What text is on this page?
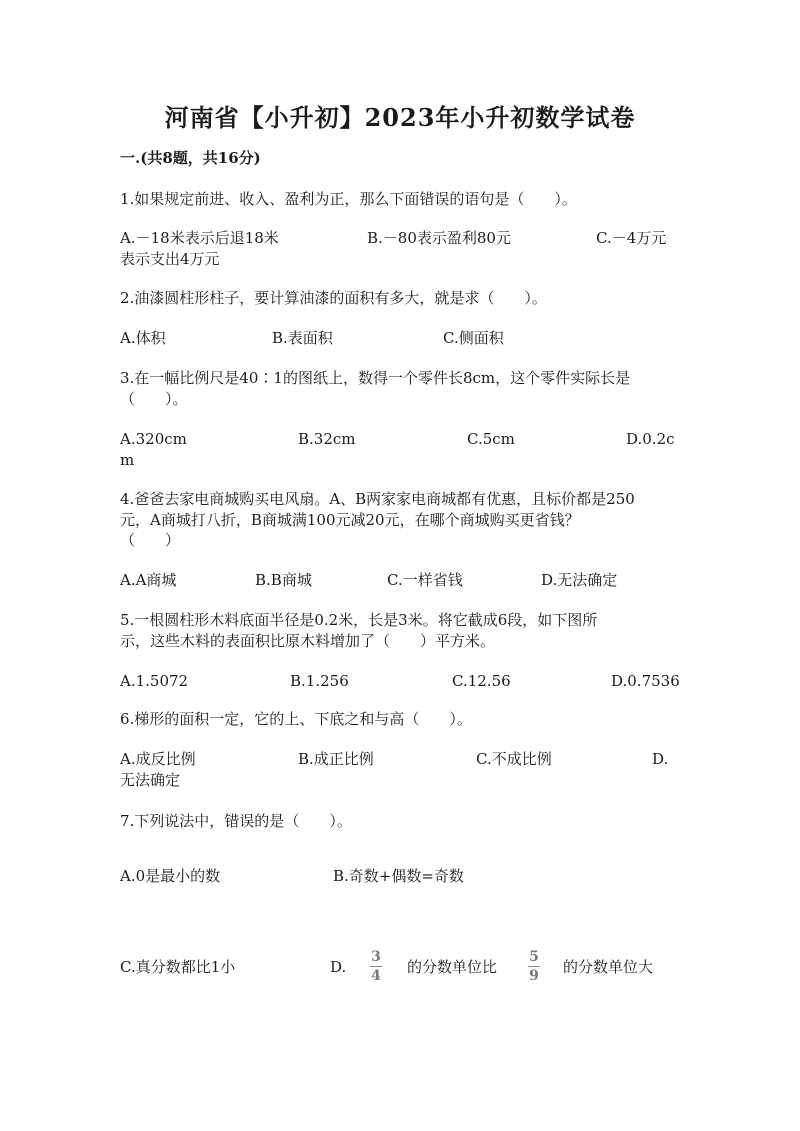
河南省【小升初】2023年小升初数学试卷
一.(共8题，共16分)
1.如果规定前进、收入、盈利为正，那么下面错误的语句是（　　）。
A.－18米表示后退18米	B.－80表示盈利80元	C.－4万元
表示支出4万元
2.油漆圆柱形柱子，要计算油漆的面积有多大，就是求（　　）。
A.体积	B.表面积	C.侧面积
3.在一幅比例尺是40∶1的图纸上，数得一个零件长8cm，这个零件实际长是
（　　）。
A.320cm	B.32cm	C.5cm	D.0.2c
m
4.爸爸去家电商城购买电风扇。A、B两家家电商城都有优惠，且标价都是250
元，A商城打八折，B商城满100元减20元，在哪个商城购买更省钱？
（　　）
A.A商城	B.B商城	C.一样省钱	D.无法确定
5.一根圆柱形木料底面半径是0.2米，长是3米。将它截成6段，如下图所
示，这些木料的表面积比原木料增加了（　　）平方米。
A.1.5072	B.1.256	C.12.56	D.0.7536
6.梯形的面积一定，它的上、下底之和与高（　　）。
A.成反比例	B.成正比例	C.不成比例	D.
无法确定
7.下列说法中，错误的是（　　）。
A.0是最小的数	B.奇数+偶数=奇数
C.真分数都比1小	D.
3
4 的分数单位比
5
9 的分数单位大
